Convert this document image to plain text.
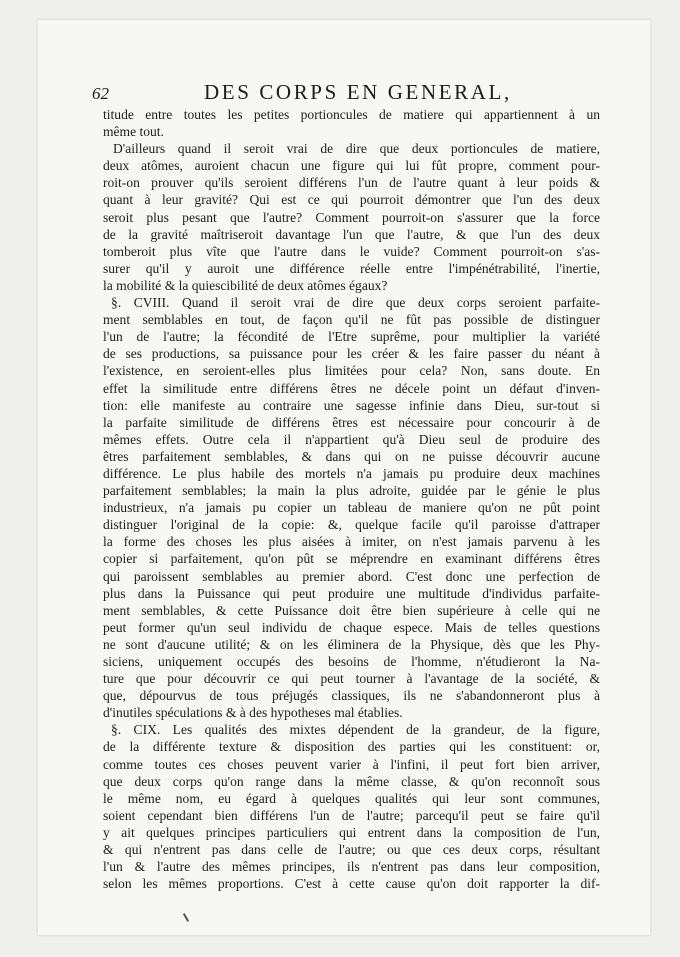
62	DES CORPS EN GENERAL,
titude entre toutes les petites portioncules de matiere qui appartiennent à un
même tout.
D'ailleurs quand il seroit vrai de dire que deux portioncules de matiere,
deux atômes, auroient chacun une figure qui lui fût propre, comment pour-
roit-on prouver qu'ils seroient différens l'un de l'autre quant à leur poids &
quant à leur gravité? Qui est ce qui pourroit démontrer que l'un des deux
seroit plus pesant que l'autre? Comment pourroit-on s'assurer que la force
de la gravité maîtriseroit davantage l'un que l'autre, & que l'un des deux
tomberoit plus vîte que l'autre dans le vuide? Comment pourroit-on s'as-
surer qu'il y auroit une différence réelle entre l'impénétrabilité, l'inertie,
la mobilité & la quiescibilité de deux atômes égaux?
§. CVIII. Quand il seroit vrai de dire que deux corps seroient parfaite-
ment semblables en tout, de façon qu'il ne fût pas possible de distinguer
l'un de l'autre; la fécondité de l'Etre suprême, pour multiplier la variété
de ses productions, sa puissance pour les créer & les faire passer du néant à
l'existence, en seroient-elles plus limitées pour cela? Non, sans doute. En
effet la similitude entre différens êtres ne décele point un défaut d'inven-
tion: elle manifeste au contraire une sagesse infinie dans Dieu, sur-tout si
la parfaite similitude de différens êtres est nécessaire pour concourir à de
mêmes effets. Outre cela il n'appartient qu'à Dieu seul de produire des
êtres parfaitement semblables, & dans qui on ne puisse découvrir aucune
différence. Le plus habile des mortels n'a jamais pu produire deux machines
parfaitement semblables; la main la plus adroite, guidée par le génie le plus
industrieux, n'a jamais pu copier un tableau de maniere qu'on ne pût point
distinguer l'original de la copie: &, quelque facile qu'il paroisse d'attraper
la forme des choses les plus aisées à imiter, on n'est jamais parvenu à les
copier si parfaitement, qu'on pût se méprendre en examinant différens êtres
qui paroissent semblables au premier abord. C'est donc une perfection de
plus dans la Puissance qui peut produire une multitude d'individus parfaite-
ment semblables, & cette Puissance doit être bien supérieure à celle qui ne
peut former qu'un seul individu de chaque espece. Mais de telles questions
ne sont d'aucune utilité; & on les éliminera de la Physique, dès que les Phy-
siciens, uniquement occupés des besoins de l'homme, n'étudieront la Na-
ture que pour découvrir ce qui peut tourner à l'avantage de la société, &
que, dépourvus de tous préjugés classiques, ils ne s'abandonneront plus à
d'inutiles spéculations & à des hypotheses mal établies.
§. CIX. Les qualités des mixtes dépendent de la grandeur, de la figure,
de la différente texture & disposition des parties qui les constituent: or,
comme toutes ces choses peuvent varier à l'infini, il peut fort bien arriver,
que deux corps qu'on range dans la même classe, & qu'on reconnoît sous
le même nom, eu égard à quelques qualités qui leur sont communes,
soient cependant bien différens l'un de l'autre; parcequ'il peut se faire qu'il
y ait quelques principes particuliers qui entrent dans la composition de l'un,
& qui n'entrent pas dans celle de l'autre; ou que ces deux corps, résultant
l'un & l'autre des mêmes principes, ils n'entrent pas dans leur composition,
selon les mêmes proportions. C'est à cette cause qu'on doit rapporter la dif-
